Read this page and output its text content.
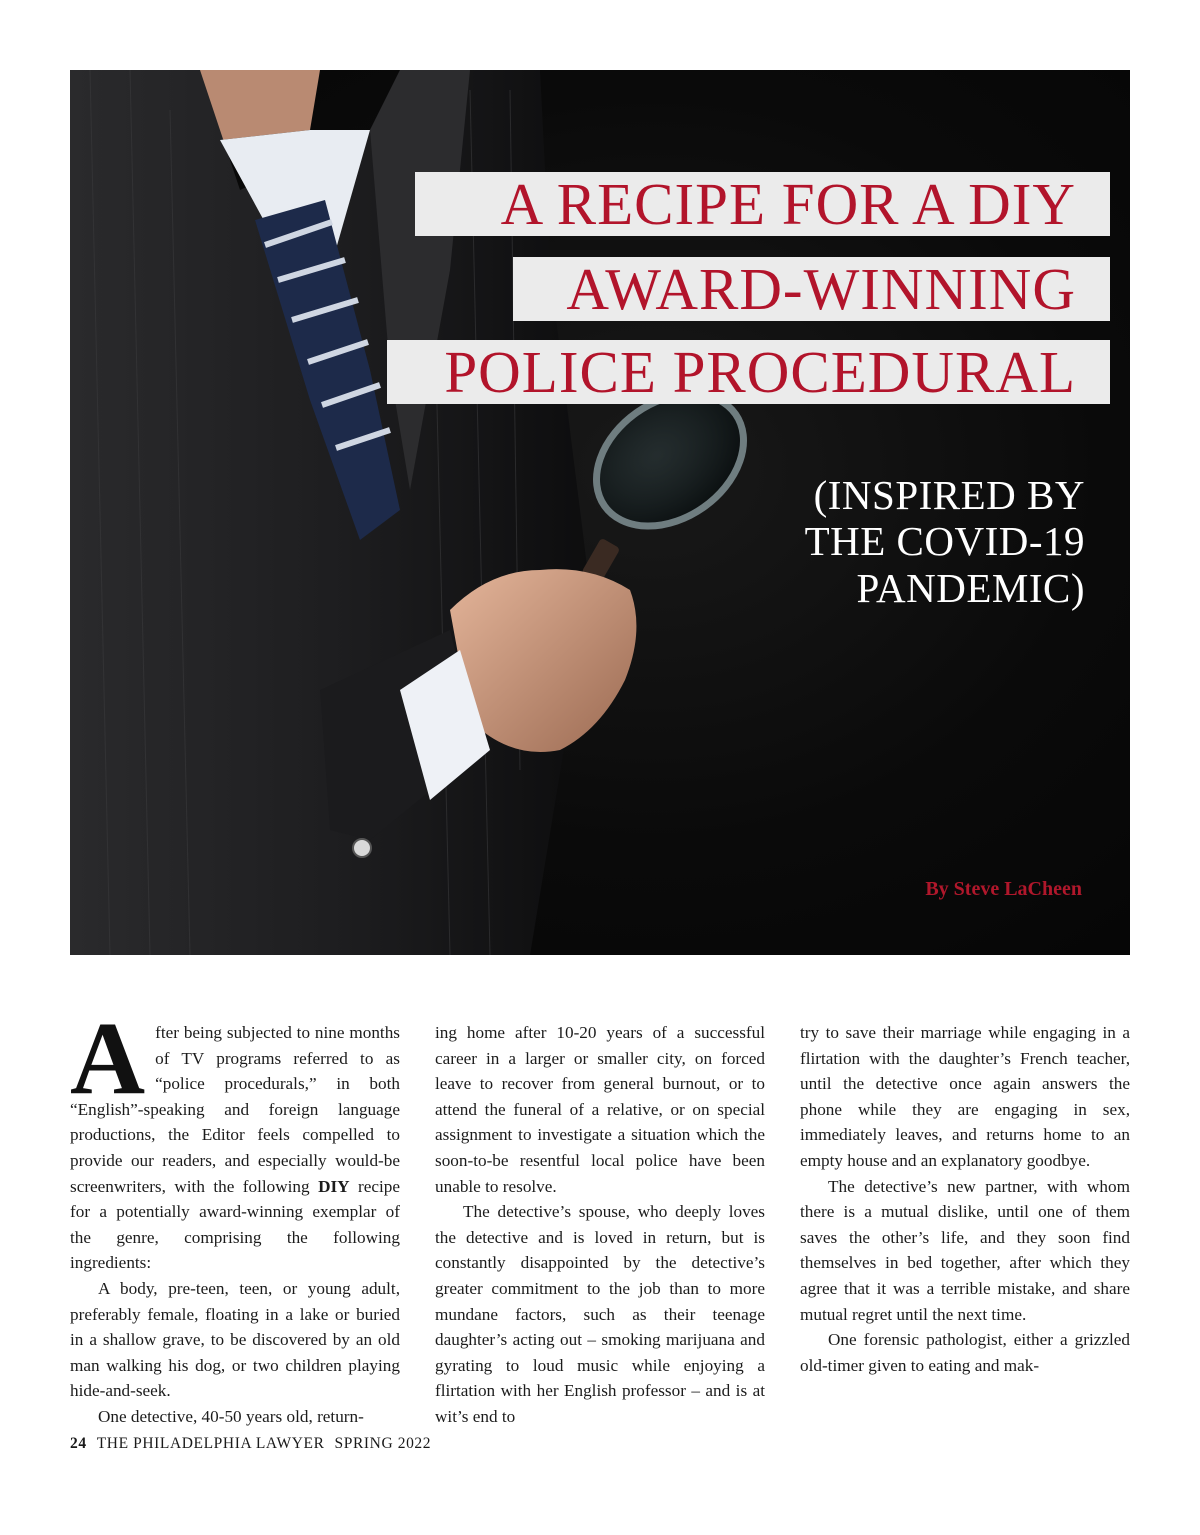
A RECIPE FOR A DIY
AWARD-WINNING
POLICE PROCEDURAL
(INSPIRED BY
THE COVID-19
PANDEMIC)
By Steve LaCheen

After being subjected to nine months of TV programs referred to as “police procedurals,” in both “English”-speaking and foreign language productions, the Editor feels compelled to provide our readers, and especially would-be screenwriters, with the following DIY recipe for a potentially award-winning exemplar of the genre, comprising the following ingredients:

A body, pre-teen, teen, or young adult, preferably female, floating in a lake or buried in a shallow grave, to be discovered by an old man walking his dog, or two children playing hide-and-seek.

One detective, 40-50 years old, return-

ing home after 10-20 years of a successful career in a larger or smaller city, on forced leave to recover from general burnout, or to attend the funeral of a relative, or on special assignment to investigate a situation which the soon-to-be resentful local police have been unable to resolve.

The detective’s spouse, who deeply loves the detective and is loved in return, but is constantly disappointed by the detective’s greater commitment to the job than to more mundane factors, such as their teenage daughter’s acting out – smoking marijuana and gyrating to loud music while enjoying a flirtation with her English professor – and is at wit’s end to

try to save their marriage while engaging in a flirtation with the daughter’s French teacher, until the detective once again answers the phone while they are engaging in sex, immediately leaves, and returns home to an empty house and an explanatory goodbye.

The detective’s new partner, with whom there is a mutual dislike, until one of them saves the other’s life, and they soon find themselves in bed together, after which they agree that it was a terrible mistake, and share mutual regret until the next time.

One forensic pathologist, either a grizzled old-timer given to eating and mak-

24 THE PHILADELPHIA LAWYER SPRING 2022
